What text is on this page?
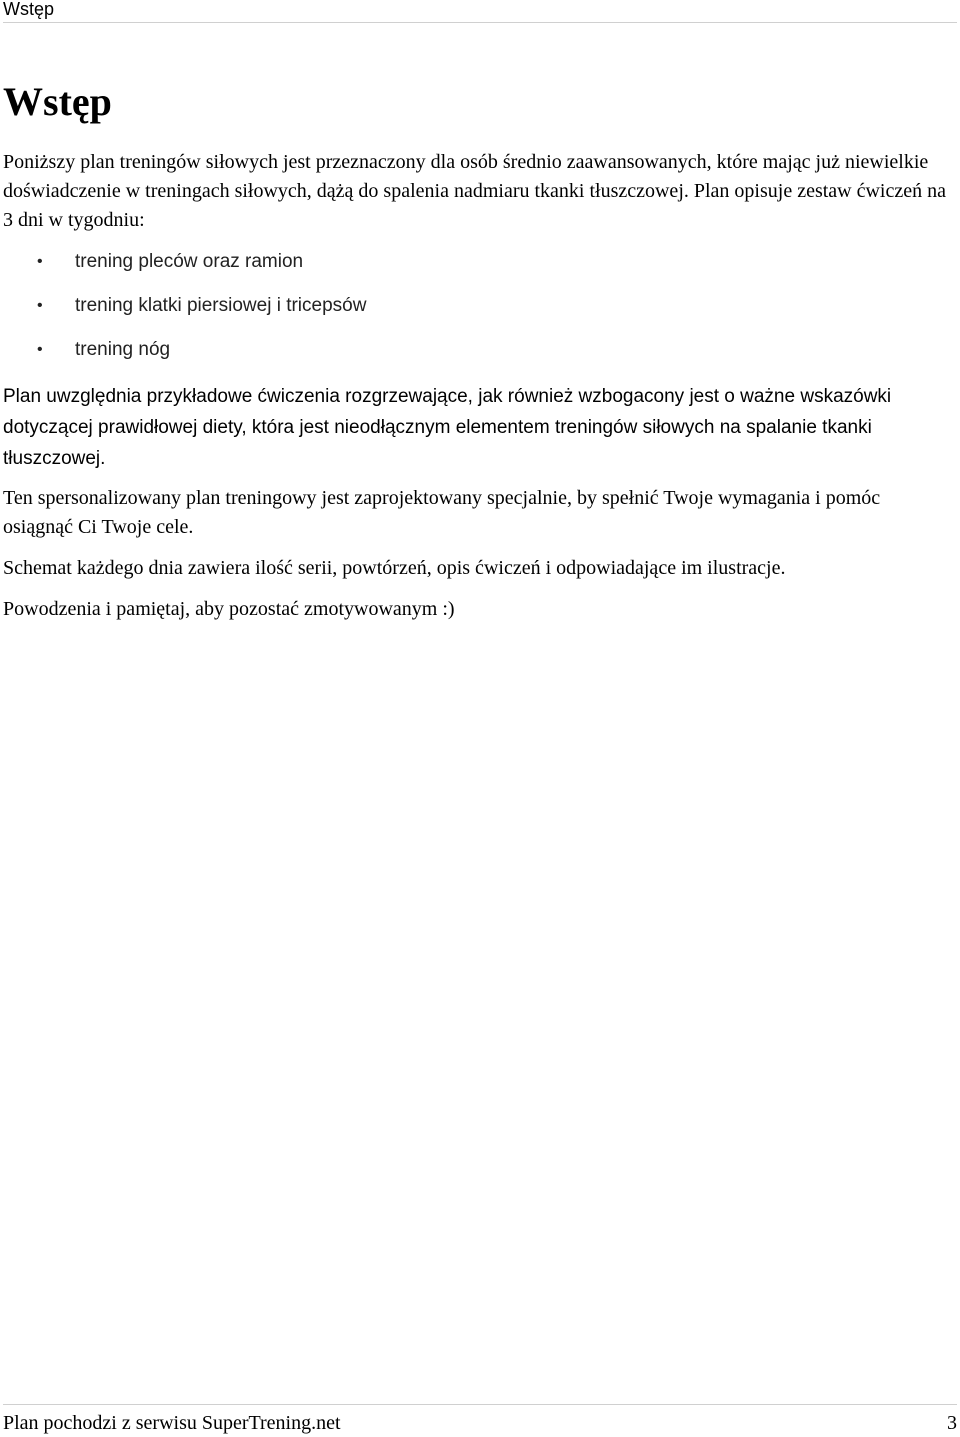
Wstęp
Wstęp

Poniższy plan treningów siłowych jest przeznaczony dla osób średnio zaawansowanych, które mając już niewielkie doświadczenie w treningach siłowych, dążą do spalenia nadmiaru tkanki tłuszczowej. Plan opisuje zestaw ćwiczeń na 3 dni w tygodniu:

• trening pleców oraz ramion
• trening klatki piersiowej i tricepsów
• trening nóg

Plan uwzględnia przykładowe ćwiczenia rozgrzewające, jak również wzbogacony jest o ważne wskazówki dotyczącej prawidłowej diety, która jest nieodłącznym elementem treningów siłowych na spalanie tkanki tłuszczowej.

Ten spersonalizowany plan treningowy jest zaprojektowany specjalnie, by spełnić Twoje wymagania i pomóc osiągnąć Ci Twoje cele.

Schemat każdego dnia zawiera ilość serii, powtórzeń, opis ćwiczeń i odpowiadające im ilustracje.

Powodzenia i pamiętaj, aby pozostać zmotywowanym :)

Plan pochodzi z serwisu SuperTrening.net	3
